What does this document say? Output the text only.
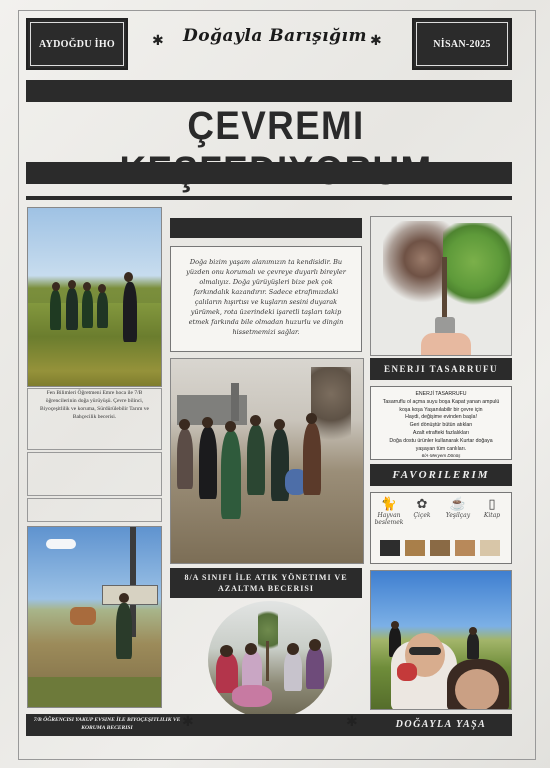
AYDOĞDU İHO	✱	Doğayla Barışığım ✱	NİSAN-2025
ÇEVREMI
Fen Bilimleri Öğretmeni Emre hoca ile 7/B öğrencilerinin doğa yürüyüşü. Çevre bilinci, Biyoçeşitlilik ve koruma, Sürdürülebilir Tarım ve Bahçecilik becerisi.
Doğa bizim yaşam alanımızın ta kendisidir. Bu yüzden onu korumalı ve çevreye duyarlı bireyler olmalıyız. Doğa yürüyüşleri bize pek çok farkındalık kazandırır. Sadece etrafımızdaki çalıların hışırtısı ve kuşların sesini duyarak yürümek, rota üzerindeki işaretli taşları takip etmek farkında bile olmadan huzurlu ve dingin hissetmemizi sağlar.
8/A SINIFI İLE ATIK YÖNETIMI VE AZALTMA BECERISI
ENERJI TASARRUFU
ENERJİ TASARRUFU
Tasarruflu ol açma suyu boşa Kapat yanan ampulü
koşa koşa Yaşanılabilir bir çevre için
Haydi, değişime evinden başla!
Geri dönüştür bütün atıkları
Azalt etrafteki fazlalıkları
Doğa dostu ürünler kullanarak Kurtar doğaya
yaşayan tüm canlıları.
6/A-Meryem Dönüş
FAVORILERIM
🐈
Hayvan beslemek
✿
Çiçek
☕
Yeşilçay
▯
Kitap
7/B ÖĞRENCISI YAKUP EVSINE İLE BIYOÇEŞITLILIK VE KORUMA BECERISI	✱	✱	DOĞAYLA YAŞA
